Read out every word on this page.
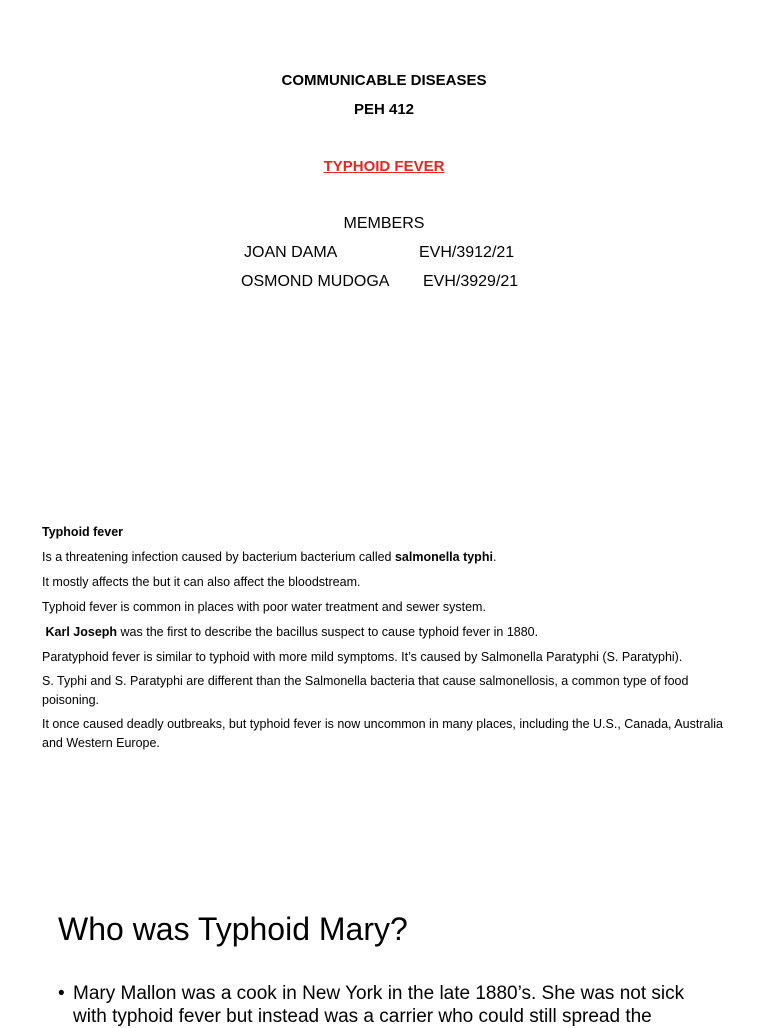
COMMUNICABLE DISEASES
PEH 412
TYPHOID FEVER
MEMBERS
JOAN DAMA	EVH/3912/21
OSMOND MUDOGA EVH/3929/21

Typhoid fever

Is a threatening infection caused by bacterium bacterium called salmonella typhi.

It mostly affects the but it can also affect the bloodstream.

Typhoid fever is common in places with poor water treatment and sewer system.

Karl Joseph was the first to describe the bacillus suspect to cause typhoid fever in 1880.

Paratyphoid fever is similar to typhoid with more mild symptoms. It’s caused by Salmonella Paratyphi (S. Paratyphi).

S. Typhi and S. Paratyphi are different than the Salmonella bacteria that cause salmonellosis, a common type of food poisoning.

It once caused deadly outbreaks, but typhoid fever is now uncommon in many places, including the U.S., Canada, Australia and Western Europe.

Who was Typhoid Mary?
• Mary Mallon was a cook in New York in the late 1880’s. She was not sick with typhoid fever but instead was a carrier who could still spread the
